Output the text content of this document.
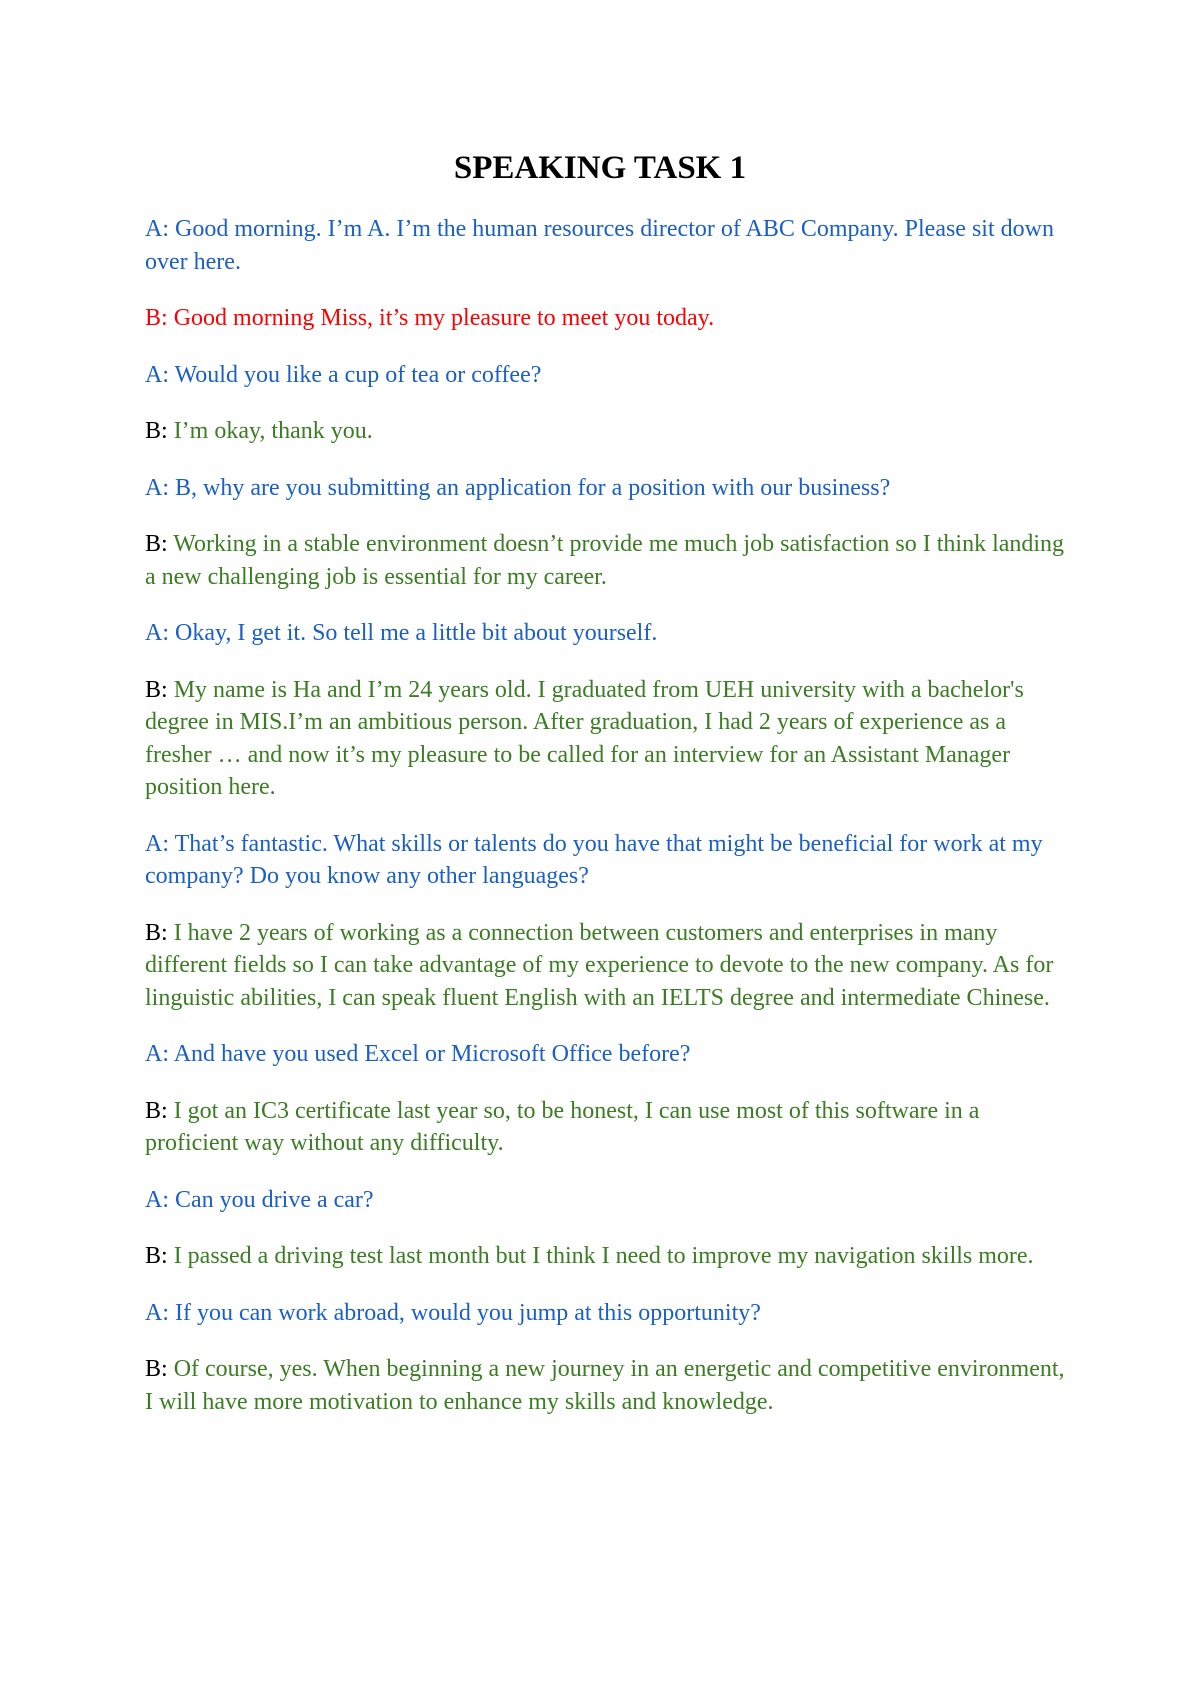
SPEAKING TASK 1

A: Good morning. I’m A. I’m the human resources director of ABC Company. Please sit down over here.

B: Good morning Miss, it’s my pleasure to meet you today.

A: Would you like a cup of tea or coffee?

B: I’m okay, thank you.

A: B, why are you submitting an application for a position with our business?

B: Working in a stable environment doesn’t provide me much job satisfaction so I think landing a new challenging job is essential for my career.

A: Okay, I get it. So tell me a little bit about yourself.

B: My name is Ha and I’m 24 years old. I graduated from UEH university with a bachelor's degree in MIS.I’m an ambitious person. After graduation, I had 2 years of experience as a fresher … and now it’s my pleasure to be called for an interview for an Assistant Manager position here.

A: That’s fantastic. What skills or talents do you have that might be beneficial for work at my company? Do you know any other languages?

B: I have 2 years of working as a connection between customers and enterprises in many different fields so I can take advantage of my experience to devote to the new company. As for linguistic abilities, I can speak fluent English with an IELTS degree and intermediate Chinese.

A: And have you used Excel or Microsoft Office before?

B: I got an IC3 certificate last year so, to be honest, I can use most of this software in a proficient way without any difficulty.

A: Can you drive a car?

B: I passed a driving test last month but I think I need to improve my navigation skills more.

A: If you can work abroad, would you jump at this opportunity?

B: Of course, yes. When beginning a new journey in an energetic and competitive environment, I will have more motivation to enhance my skills and knowledge.
